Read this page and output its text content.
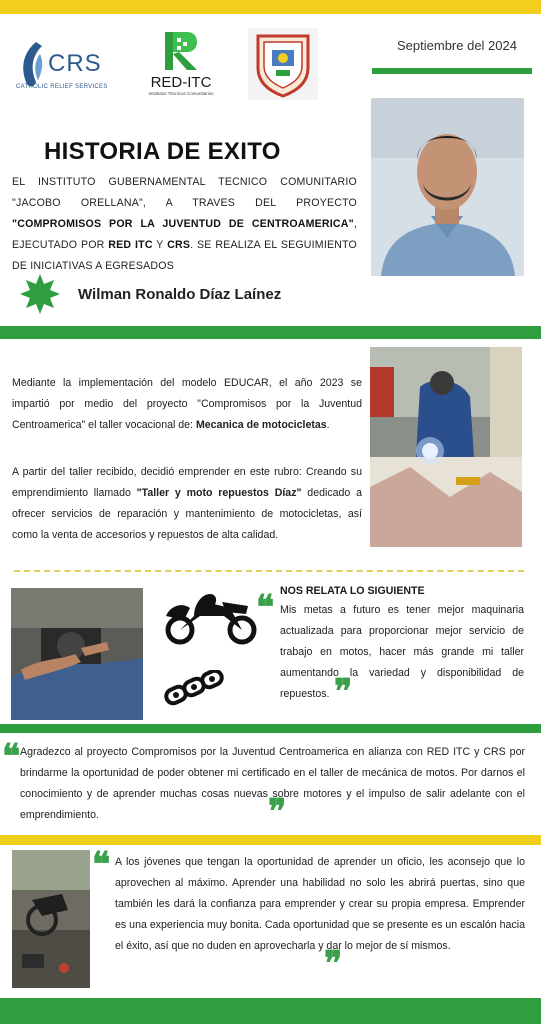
CRS
CATHOLIC RELIEF SERVICES	RED-ITC
Institutos Técnicos Comunitarios
Septiembre del 2024
HISTORIA DE EXITO
EL INSTITUTO GUBERNAMENTAL TECNICO COMUNITARIO "JACOBO ORELLANA", A TRAVES DEL PROYECTO "COMPROMISOS POR LA JUVENTUD DE CENTROAMERICA", EJECUTADO POR RED ITC Y CRS. SE REALIZA EL SEGUIMIENTO DE INICIATIVAS A EGRESADOS
Wilman Ronaldo Díaz Laínez
Mediante la implementación del modelo EDUCAR, el año 2023 se impartió por medio del proyecto "Compromisos por la Juventud Centroamerica" el taller vocacional de: Mecanica de motocicletas.
A partir del taller recibido, decidió emprender en este rubro: Creando su emprendimiento llamado "Taller y moto repuestos Díaz" dedicado a ofrecer servicios de reparación y mantenimiento de motocicletas, así como la venta de accesorios y repuestos de alta calidad.
❝ NOS RELATA LO SIGUIENTE
Mis metas a futuro es tener mejor maquinaria actualizada para proporcionar mejor servicio de trabajo en motos, hacer más grande mi taller aumentando la variedad y disponibilidad de repuestos. ❞
❝ Agradezco al proyecto Compromisos por la Juventud Centroamerica en alianza con RED ITC y CRS por brindarme la oportunidad de poder obtener mi certificado en el taller de mecánica de motos. Por darnos el conocimiento y de aprender muchas cosas nuevas sobre motores y el impulso de salir adelante con el emprendimiento.	❞
❝ A los jóvenes que tengan la oportunidad de aprender un oficio, les aconsejo que lo aprovechen al máximo. Aprender una habilidad no solo les abrirá puertas, sino que también les dará la confianza para emprender y crear su propia empresa. Emprender es una experiencia muy bonita. Cada oportunidad que se presente es un escalón hacia el éxito, así que no duden en aprovecharla y dar lo mejor de sí mismos.
❞
